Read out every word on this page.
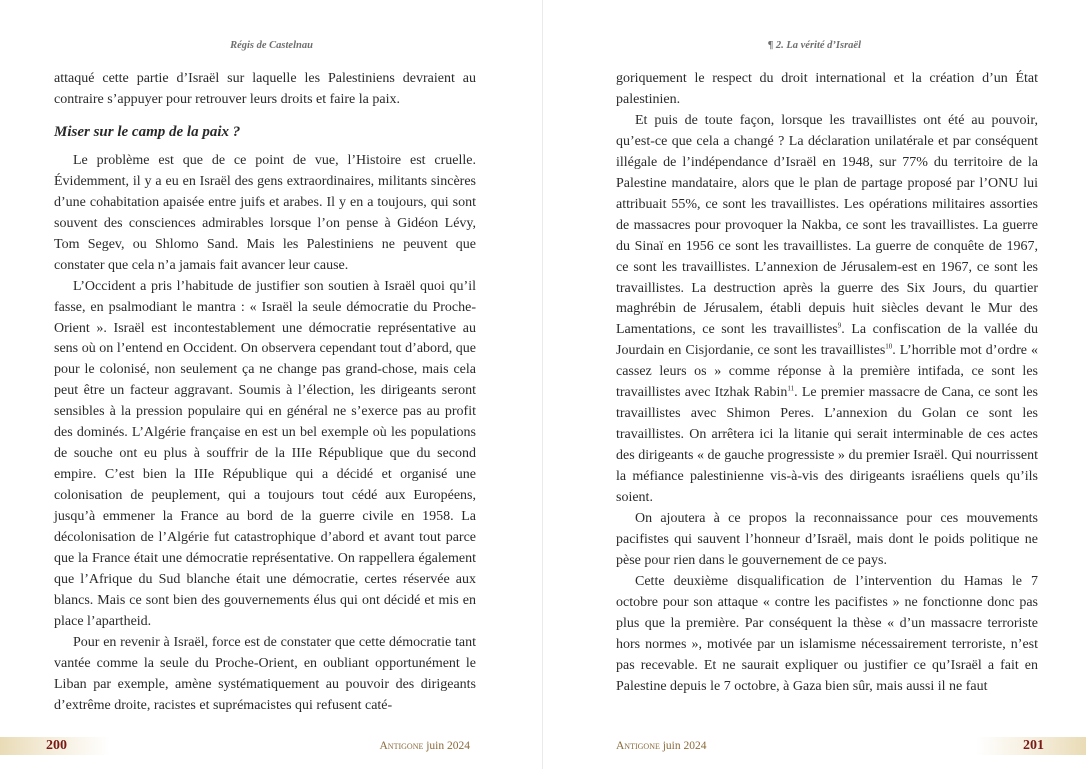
Régis de Castelnau

attaqué cette partie d’Israël sur laquelle les Palestiniens devraient au contraire s’appuyer pour retrouver leurs droits et faire la paix.

Miser sur le camp de la paix ?

Le problème est que de ce point de vue, l’Histoire est cruelle. Évidemment, il y a eu en Israël des gens extraordinaires, militants sincères d’une cohabitation apaisée entre juifs et arabes. Il y en a toujours, qui sont souvent des consciences admirables lorsque l’on pense à Gidéon Lévy, Tom Segev, ou Shlomo Sand. Mais les Palestiniens ne peuvent que constater que cela n’a jamais fait avancer leur cause.

L’Occident a pris l’habitude de justifier son soutien à Israël quoi qu’il fasse, en psalmodiant le mantra : « Israël la seule démocratie du Proche-Orient ». Israël est incontestablement une démocratie représentative au sens où on l’entend en Occident. On observera cependant tout d’abord, que pour le colonisé, non seulement ça ne change pas grand-chose, mais cela peut être un facteur aggravant. Soumis à l’élection, les dirigeants seront sensibles à la pression populaire qui en général ne s’exerce pas au profit des dominés. L’Algérie française en est un bel exemple où les populations de souche ont eu plus à souffrir de la IIIe République que du second empire. C’est bien la IIIe République qui a décidé et organisé une colonisation de peuplement, qui a toujours tout cédé aux Européens, jusqu’à emmener la France au bord de la guerre civile en 1958. La décolonisation de l’Algérie fut catastrophique d’abord et avant tout parce que la France était une démocratie représentative. On rappellera également que l’Afrique du Sud blanche était une démocratie, certes réservée aux blancs. Mais ce sont bien des gouvernements élus qui ont décidé et mis en place l’apartheid.

Pour en revenir à Israël, force est de constater que cette démocratie tant vantée comme la seule du Proche-Orient, en oubliant opportunément le Liban par exemple, amène systématiquement au pouvoir des dirigeants d’extrême droite, racistes et suprémacistes qui refusent caté-

200	Antigone juin 2024
¶ 2. La vérité d’Israël

goriquement le respect du droit international et la création d’un État palestinien.

Et puis de toute façon, lorsque les travaillistes ont été au pouvoir, qu’est-ce que cela a changé ? La déclaration unilatérale et par conséquent illégale de l’indépendance d’Israël en 1948, sur 77% du territoire de la Palestine mandataire, alors que le plan de partage proposé par l’ONU lui attribuait 55%, ce sont les travaillistes. Les opérations militaires assorties de massacres pour provoquer la Nakba, ce sont les travaillistes. La guerre du Sinaï en 1956 ce sont les travaillistes. La guerre de conquête de 1967, ce sont les travaillistes. L’annexion de Jérusalem-est en 1967, ce sont les travaillistes. La destruction après la guerre des Six Jours, du quartier maghrébin de Jérusalem, établi depuis huit siècles devant le Mur des Lamentations, ce sont les travaillistes$^9$. La confiscation de la vallée du Jourdain en Cisjordanie, ce sont les travaillistes$^{10}$. L’horrible mot d’ordre « cassez leurs os » comme réponse à la première intifada, ce sont les travaillistes avec Itzhak Rabin$^{11}$. Le premier massacre de Cana, ce sont les travaillistes avec Shimon Peres. L’annexion du Golan ce sont les travaillistes. On arrêtera ici la litanie qui serait interminable de ces actes des dirigeants « de gauche progressiste » du premier Israël. Qui nourrissent la méfiance palestinienne vis-à-vis des dirigeants israéliens quels qu’ils soient.

On ajoutera à ce propos la reconnaissance pour ces mouvements pacifistes qui sauvent l’honneur d’Israël, mais dont le poids politique ne pèse pour rien dans le gouvernement de ce pays.

Cette deuxième disqualification de l’intervention du Hamas le 7 octobre pour son attaque « contre les pacifistes » ne fonctionne donc pas plus que la première. Par conséquent la thèse « d’un massacre terroriste hors normes », motivée par un islamisme nécessairement terroriste, n’est pas recevable. Et ne saurait expliquer ou justifier ce qu’Israël a fait en Palestine depuis le 7 octobre, à Gaza bien sûr, mais aussi il ne faut

Antigone juin 2024	201
